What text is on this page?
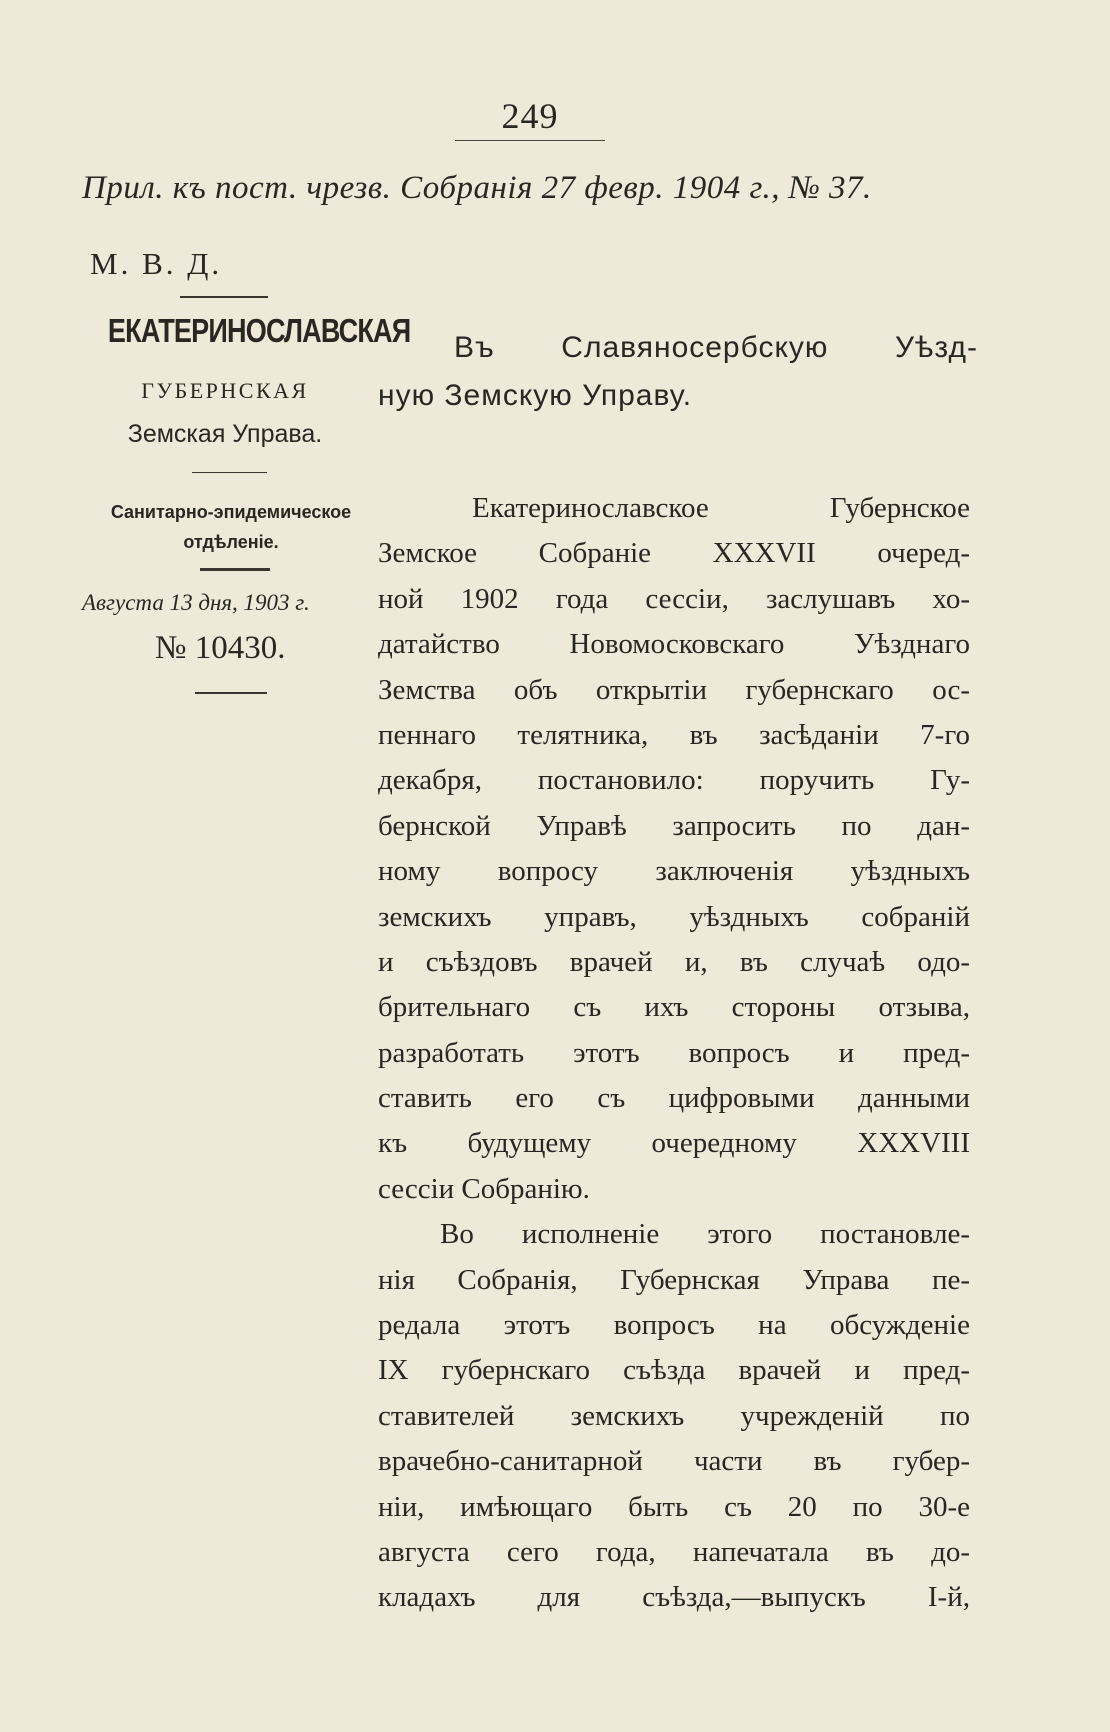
249
Прил. къ пост. чрезв. Собранія 27 февр. 1904 г., № 37.
М. В. Д.
ЕКАТЕРИНОСЛАВСКАЯ
ГУБЕРНСКАЯ
Земская Управа.
Санитарно-эпидемическое
отдѣленіе.
Августа 13 дня, 1903 г.
№ 10430.
Въ Славяносербскую Уѣзд-
ную Земскую Управу.
Екатеринославское Губернское
Земское Собраніе XXXVII очеред-
ной 1902 года сессіи, заслушавъ хо-
датайство Новомосковскаго Уѣзднаго
Земства объ открытіи губернскаго ос-
пеннаго телятника, въ засѣданіи 7-го
декабря, постановило: поручить Гу-
бернской Управѣ запросить по дан-
ному вопросу заключенія уѣздныхъ
земскихъ управъ, уѣздныхъ собраній
и съѣздовъ врачей и, въ случаѣ одо-
брительнаго съ ихъ стороны отзыва,
разработать этотъ вопросъ и пред-
ставить его съ цифровыми данными
къ будущему очередному XXXVIII
сессіи Собранію.
Во исполненіе этого постановле-
нія Собранія, Губернская Управа пе-
редала этотъ вопросъ на обсужденіе
IX губернскаго съѣзда врачей и пред-
ставителей земскихъ учрежденій по
врачебно-санитарной части въ губер-
ніи, имѣющаго быть съ 20 по 30-е
августа сего года, напечатала въ до-
кладахъ для съѣзда,—выпускъ I-й,
